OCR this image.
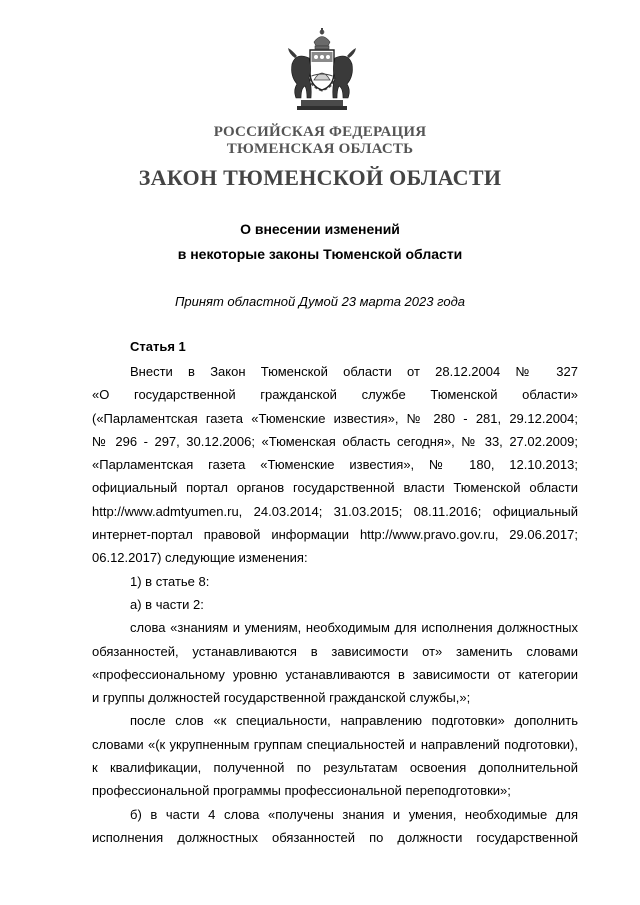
РОССИЙСКАЯ ФЕДЕРАЦИЯ
ТЮМЕНСКАЯ ОБЛАСТЬ
ЗАКОН ТЮМЕНСКОЙ ОБЛАСТИ
О внесении изменений
в некоторые законы Тюменской области
Принят областной Думой 23 марта 2023 года
Статья 1

Внести в Закон Тюменской области от 28.12.2004 № 327

«О государственной гражданской службе Тюменской области»

(«Парламентская газета «Тюменские известия», № 280 - 281, 29.12.2004;

№ 296 - 297, 30.12.2006; «Тюменская область сегодня», № 33, 27.02.2009;

«Парламентская газета «Тюменские известия», № 180, 12.10.2013;

официальный портал органов государственной власти Тюменской области

http://www.admtyumen.ru, 24.03.2014; 31.03.2015; 08.11.2016; официальный

интернет-портал правовой информации http://www.pravo.gov.ru, 29.06.2017;

06.12.2017) следующие изменения:

1) в статье 8:

а) в части 2:

слова «знаниям и умениям, необходимым для исполнения должностных

обязанностей, устанавливаются в зависимости от» заменить словами

«профессиональному уровню устанавливаются в зависимости от категории

и группы должностей государственной гражданской службы,»;

после слов «к специальности, направлению подготовки» дополнить

словами «(к укрупненным группам специальностей и направлений подготовки),

к квалификации, полученной по результатам освоения дополнительной

профессиональной программы профессиональной переподготовки»;

б) в части 4 слова «получены знания и умения, необходимые для

исполнения должностных обязанностей по должности государственной
